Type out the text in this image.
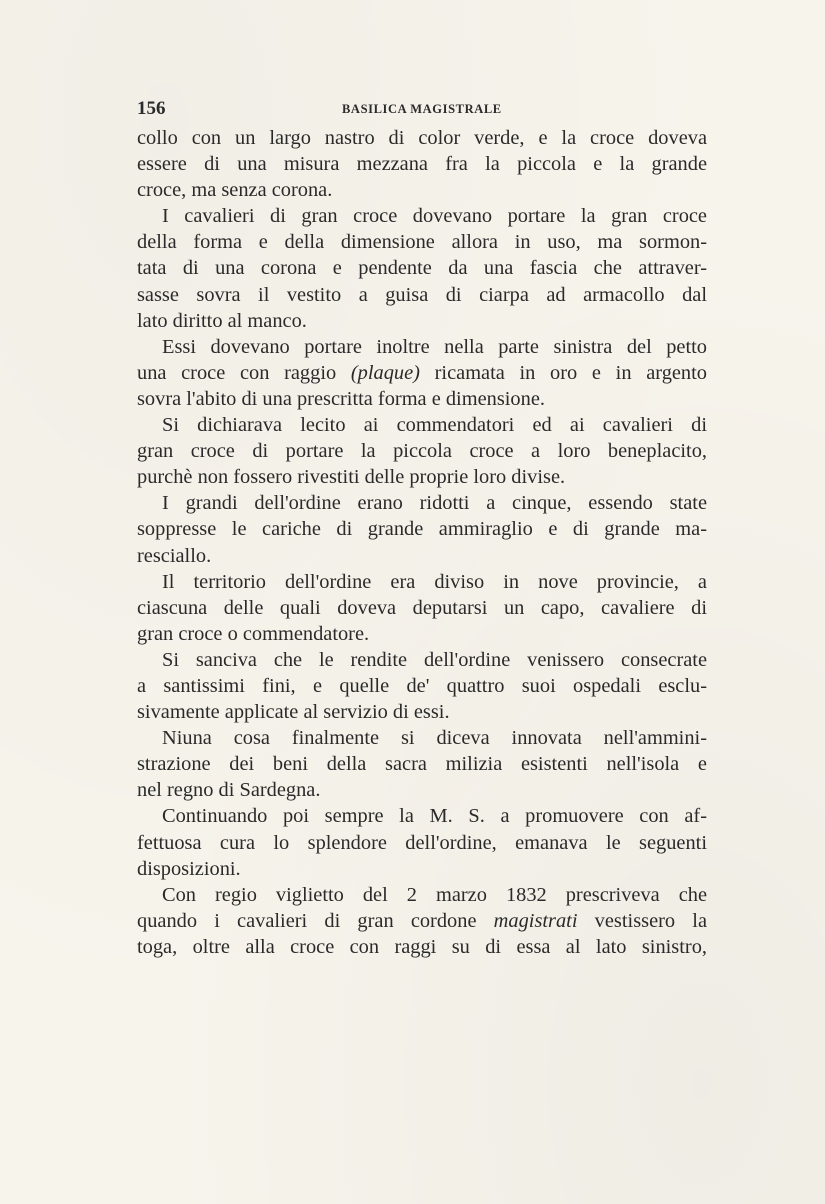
156	BASILICA MAGISTRALE
collo con un largo nastro di color verde, e la croce doveva
essere di una misura mezzana fra la piccola e la grande
croce, ma senza corona.
I cavalieri di gran croce dovevano portare la gran croce
della forma e della dimensione allora in uso, ma sormon-
tata di una corona e pendente da una fascia che attraver-
sasse sovra il vestito a guisa di ciarpa ad armacollo dal
lato diritto al manco.
Essi dovevano portare inoltre nella parte sinistra del petto
una croce con raggio (plaque) ricamata in oro e in argento
sovra l'abito di una prescritta forma e dimensione.
Si dichiarava lecito ai commendatori ed ai cavalieri di
gran croce di portare la piccola croce a loro beneplacito,
purchè non fossero rivestiti delle proprie loro divise.
I grandi dell'ordine erano ridotti a cinque, essendo state
soppresse le cariche di grande ammiraglio e di grande ma-
resciallo.
Il territorio dell'ordine era diviso in nove provincie, a
ciascuna delle quali doveva deputarsi un capo, cavaliere di
gran croce o commendatore.
Si sanciva che le rendite dell'ordine venissero consecrate
a santissimi fini, e quelle de' quattro suoi ospedali esclu-
sivamente applicate al servizio di essi.
Niuna cosa finalmente si diceva innovata nell'ammini-
strazione dei beni della sacra milizia esistenti nell'isola e
nel regno di Sardegna.
Continuando poi sempre la M. S. a promuovere con af-
fettuosa cura lo splendore dell'ordine, emanava le seguenti
disposizioni.
Con regio viglietto del 2 marzo 1832 prescriveva che
quando i cavalieri di gran cordone magistrati vestissero la
toga, oltre alla croce con raggi su di essa al lato sinistro,
